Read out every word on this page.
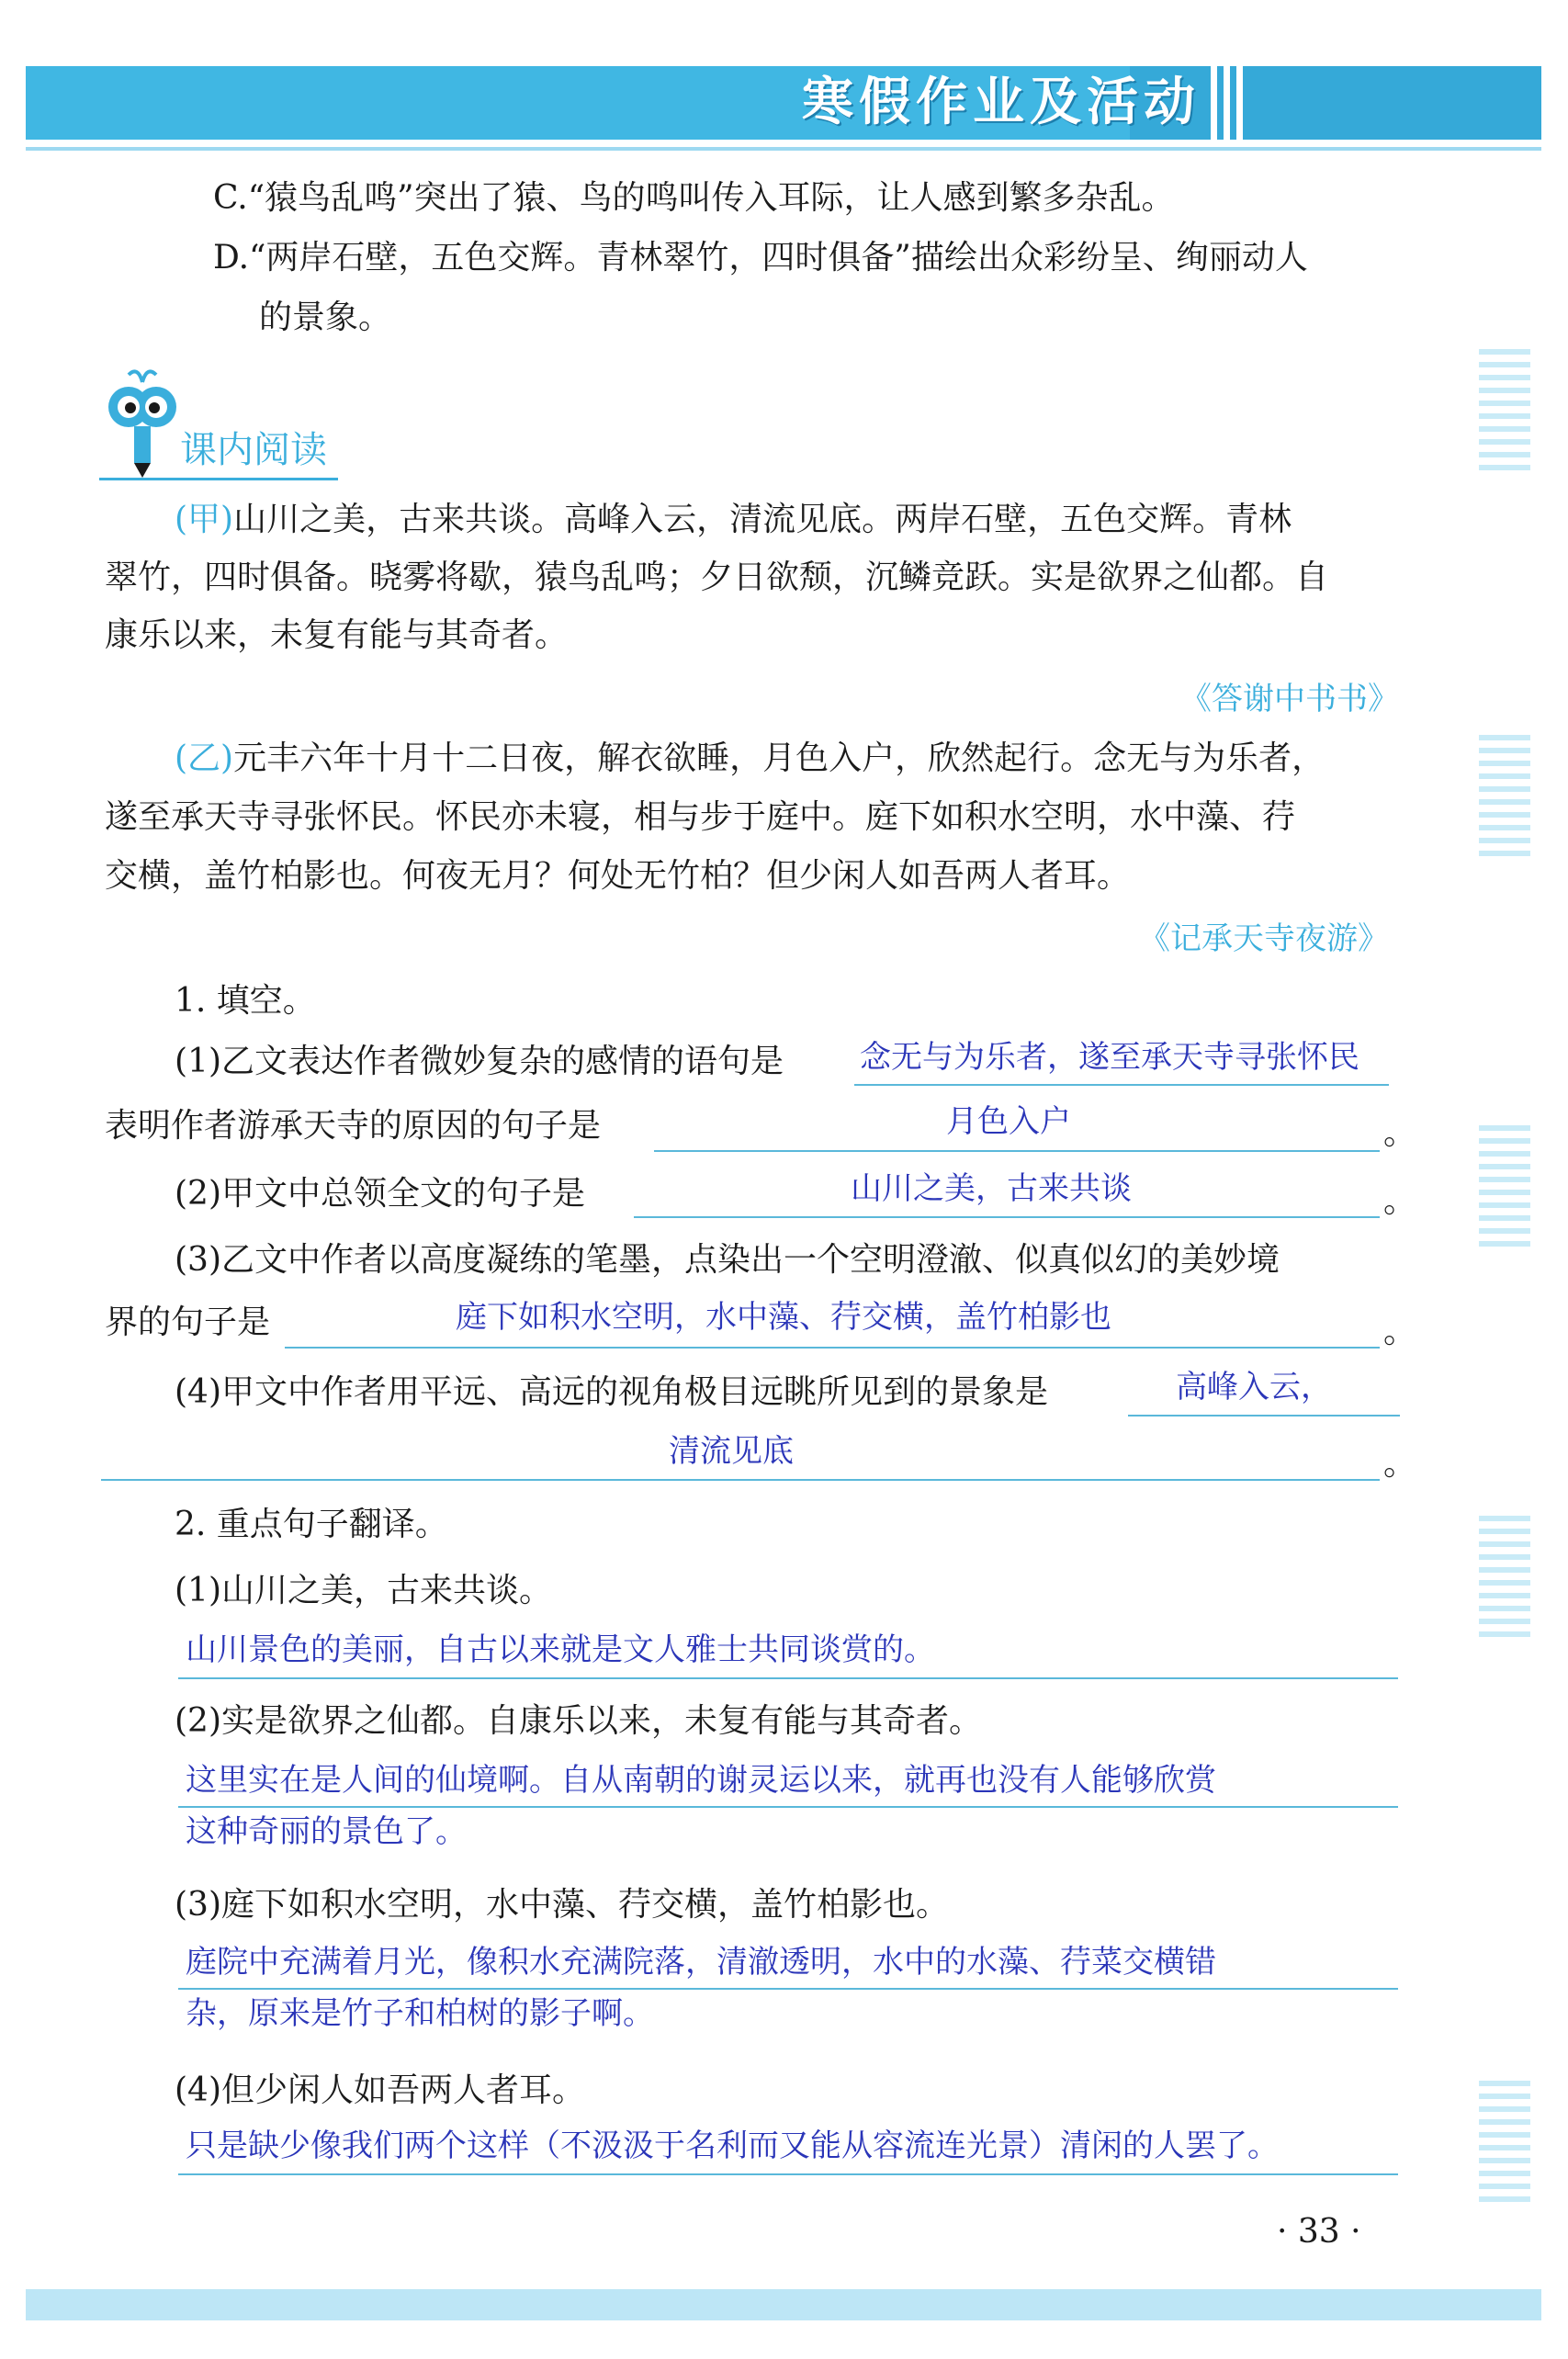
寒假作业及活动
C.“猿鸟乱鸣”突出了猿、鸟的鸣叫传入耳际，让人感到繁多杂乱。
D.“两岸石壁，五色交辉。青林翠竹，四时俱备”描绘出众彩纷呈、绚丽动人
的景象。
课内阅读
(甲)山川之美，古来共谈。高峰入云，清流见底。两岸石壁，五色交辉。青林
翠竹，四时俱备。晓雾将歇，猿鸟乱鸣；夕日欲颓，沉鳞竞跃。实是欲界之仙都。自
康乐以来，未复有能与其奇者。
《答谢中书书》
(乙)元丰六年十月十二日夜，解衣欲睡，月色入户，欣然起行。念无与为乐者，
遂至承天寺寻张怀民。怀民亦未寝，相与步于庭中。庭下如积水空明，水中藻、荇
交横，盖竹柏影也。何夜无月？何处无竹柏？但少闲人如吾两人者耳。
《记承天寺夜游》
1. 填空。
(1)乙文表达作者微妙复杂的感情的语句是 念无与为乐者，遂至承天寺寻张怀民
表明作者游承天寺的原因的句子是	月色入户	。
(2)甲文中总领全文的句子是	山川之美，古来共谈	。
(3)乙文中作者以高度凝练的笔墨，点染出一个空明澄澈、似真似幻的美妙境
界的句子是	庭下如积水空明，水中藻、荇交横，盖竹柏影也	。
(4)甲文中作者用平远、高远的视角极目远眺所见到的景象是	高峰入云，
清流见底	。
2. 重点句子翻译。
(1)山川之美，古来共谈。
山川景色的美丽，自古以来就是文人雅士共同谈赏的。
(2)实是欲界之仙都。自康乐以来，未复有能与其奇者。
这里实在是人间的仙境啊。自从南朝的谢灵运以来，就再也没有人能够欣赏
这种奇丽的景色了。
(3)庭下如积水空明，水中藻、荇交横，盖竹柏影也。
庭院中充满着月光，像积水充满院落，清澈透明，水中的水藻、荇菜交横错
杂，原来是竹子和柏树的影子啊。
(4)但少闲人如吾两人者耳。
只是缺少像我们两个这样（不汲汲于名利而又能从容流连光景）清闲的人罢了。
· 33 ·
